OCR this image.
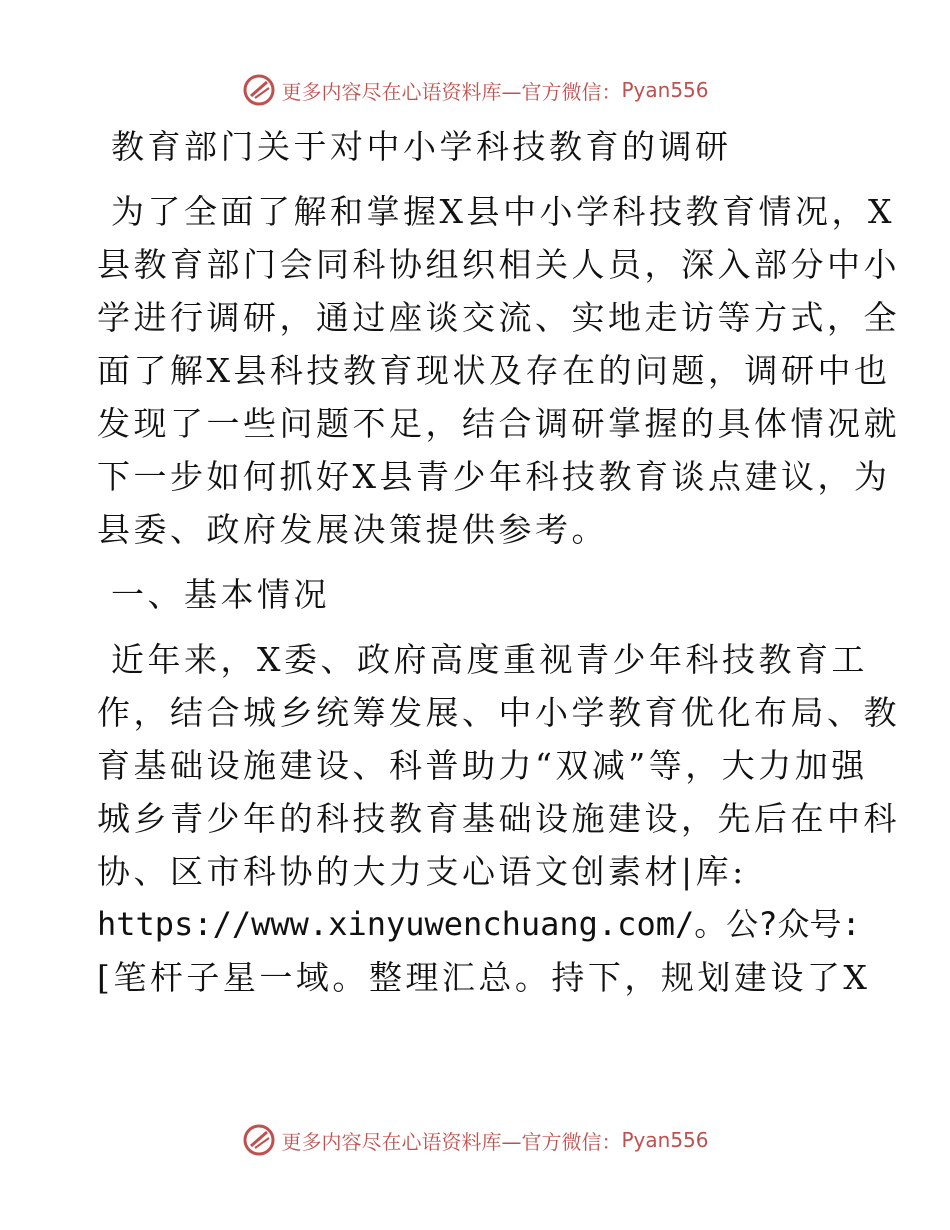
更多内容尽在心语资料库—官方微信： Pyan556
教育部门关于对中小学科技教育的调研
为了全面了解和掌握X县中小学科技教育情况，X
县教育部门会同科协组织相关人员，深入部分中小
学进行调研，通过座谈交流、实地走访等方式，全
面了解X县科技教育现状及存在的问题，调研中也
发现了一些问题不足，结合调研掌握的具体情况就
下一步如何抓好X县青少年科技教育谈点建议，为
县委、政府发展决策提供参考。
一、基本情况
近年来，X委、政府高度重视青少年科技教育工
作，结合城乡统筹发展、中小学教育优化布局、教
育基础设施建设、科普助力“双减”等，大力加强
城乡青少年的科技教育基础设施建设，先后在中科
协、区市科协的大力支心语文创素材|库:
https://www.xinyuwenchuang.com/。公?众号:
[笔杆子星一域。整理汇总。持下，规划建设了X
更多内容尽在心语资料库—官方微信： Pyan556
